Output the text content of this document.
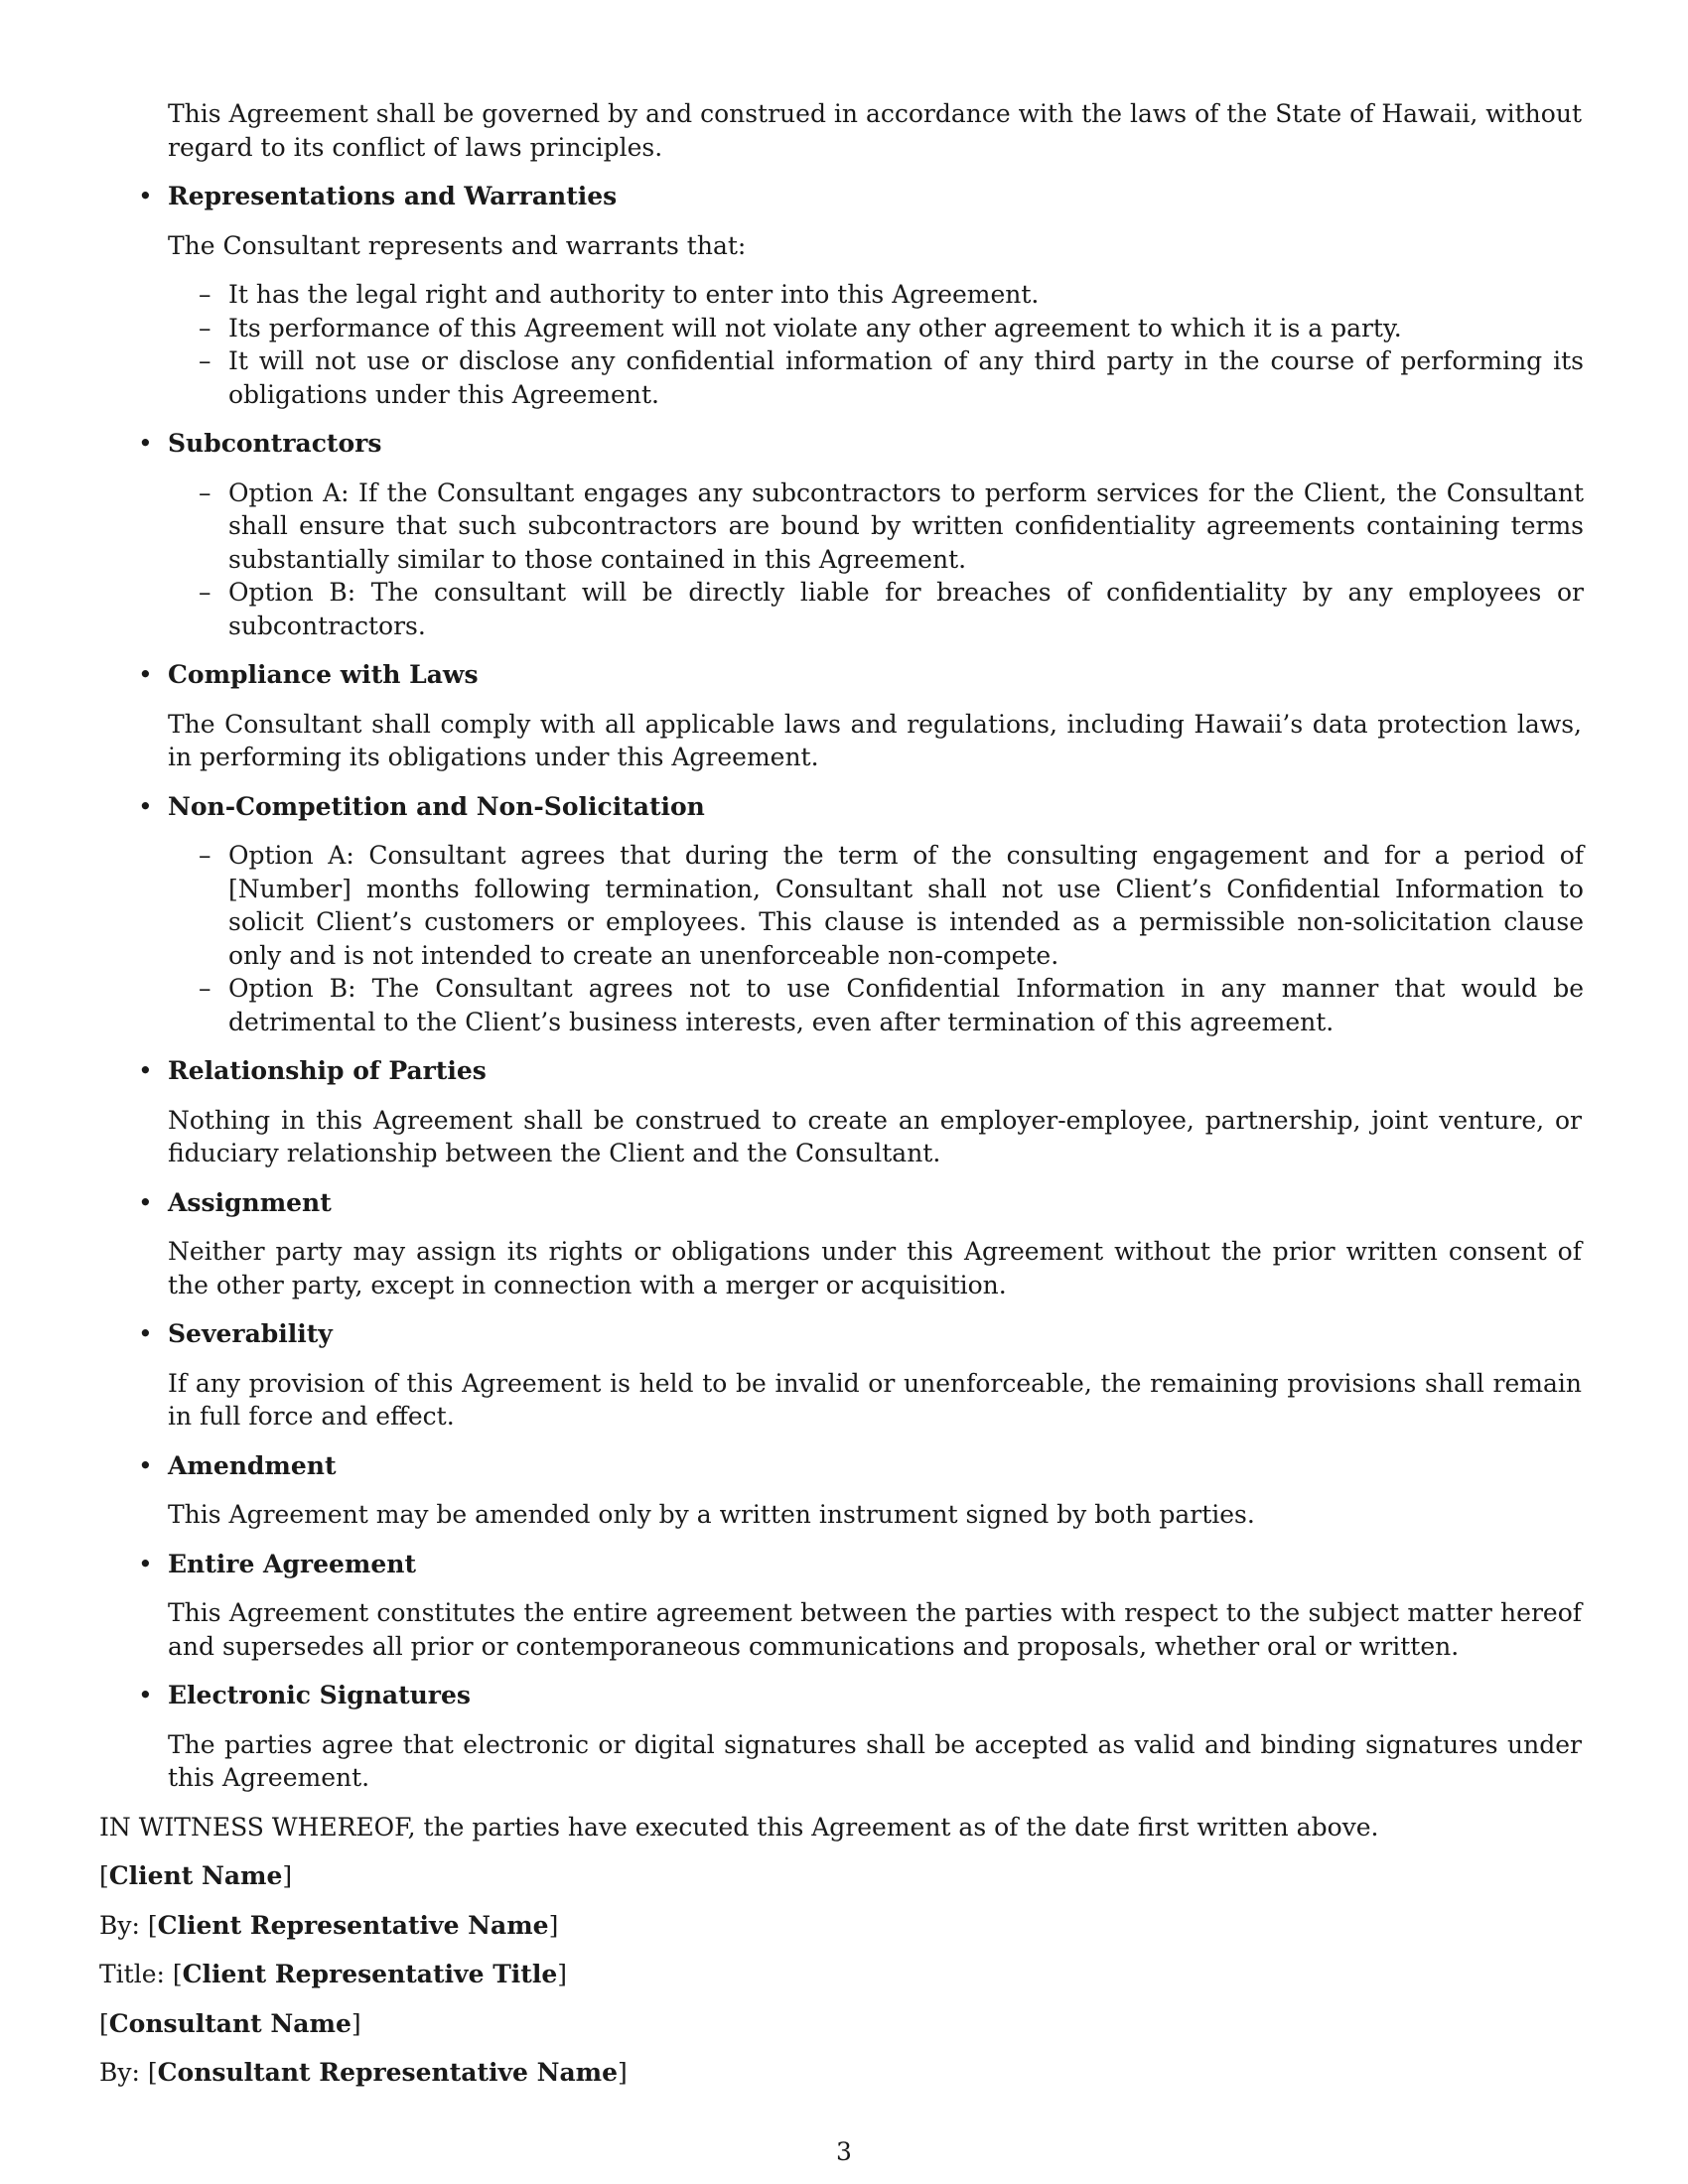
This Agreement shall be governed by and construed in accordance with the laws of the State of Hawaii, without regard to its conflict of laws principles.
• Representations and Warranties
The Consultant represents and warrants that:
– It has the legal right and authority to enter into this Agreement.
– Its performance of this Agreement will not violate any other agreement to which it is a party.
– It will not use or disclose any confidential information of any third party in the course of performing its obligations under this Agreement.
• Subcontractors
– Option A: If the Consultant engages any subcontractors to perform services for the Client, the Consultant shall ensure that such subcontractors are bound by written confidentiality agreements containing terms substantially similar to those contained in this Agreement.
– Option B: The consultant will be directly liable for breaches of confidentiality by any employees or subcontractors.
• Compliance with Laws
The Consultant shall comply with all applicable laws and regulations, including Hawaii’s data protection laws, in performing its obligations under this Agreement.
• Non-Competition and Non-Solicitation
– Option A: Consultant agrees that during the term of the consulting engagement and for a period of [Number] months following termination, Consultant shall not use Client’s Confidential Information to solicit Client’s customers or employees. This clause is intended as a permissible non-solicitation clause only and is not intended to create an unenforceable non-compete.
– Option B: The Consultant agrees not to use Confidential Information in any manner that would be detrimental to the Client’s business interests, even after termination of this agreement.
• Relationship of Parties
Nothing in this Agreement shall be construed to create an employer-employee, partnership, joint venture, or fiduciary relationship between the Client and the Consultant.
• Assignment
Neither party may assign its rights or obligations under this Agreement without the prior written consent of the other party, except in connection with a merger or acquisition.
• Severability
If any provision of this Agreement is held to be invalid or unenforceable, the remaining provisions shall remain in full force and effect.
• Amendment
This Agreement may be amended only by a written instrument signed by both parties.
• Entire Agreement
This Agreement constitutes the entire agreement between the parties with respect to the subject matter hereof and supersedes all prior or contemporaneous communications and proposals, whether oral or written.
• Electronic Signatures
The parties agree that electronic or digital signatures shall be accepted as valid and binding signatures under this Agreement.
IN WITNESS WHEREOF, the parties have executed this Agreement as of the date first written above.
[Client Name]
By: [Client Representative Name]
Title: [Client Representative Title]
[Consultant Name]
By: [Consultant Representative Name]
3
